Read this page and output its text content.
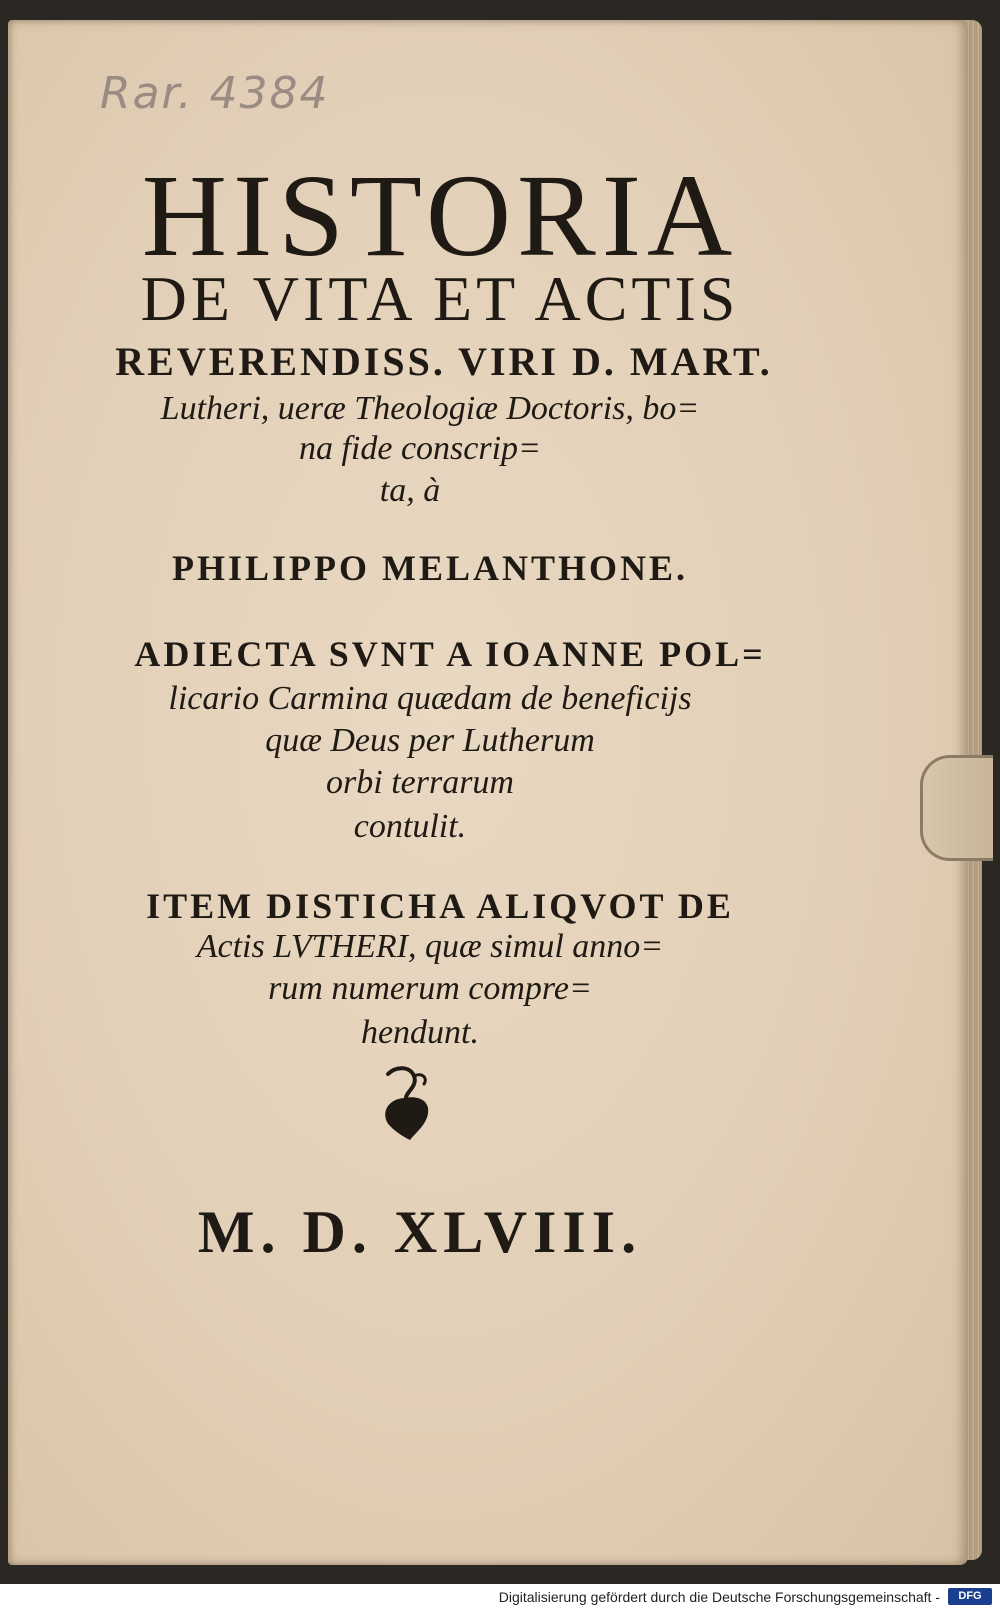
Rar. 4384
HISTORIA
DE VITA ET ACTIS
REVERENDISS. VIRI D. MART.
Lutheri, ueræ Theologiæ Doctoris, bo=
na fide conscrip=
ta, à
PHILIPPO MELANTHONE.
ADIECTA SVNT A IOANNE POL=
licario Carmina quædam de beneficijs
quæ Deus per Lutherum
orbi terrarum
contulit.
ITEM DISTICHA ALIQVOT DE
Actis LVTHERI, quæ simul anno=
rum numerum compre=
hendunt.
M. D. XLVIII.
Digitalisierung gefördert durch die Deutsche Forschungsgemeinschaft -	DFG
